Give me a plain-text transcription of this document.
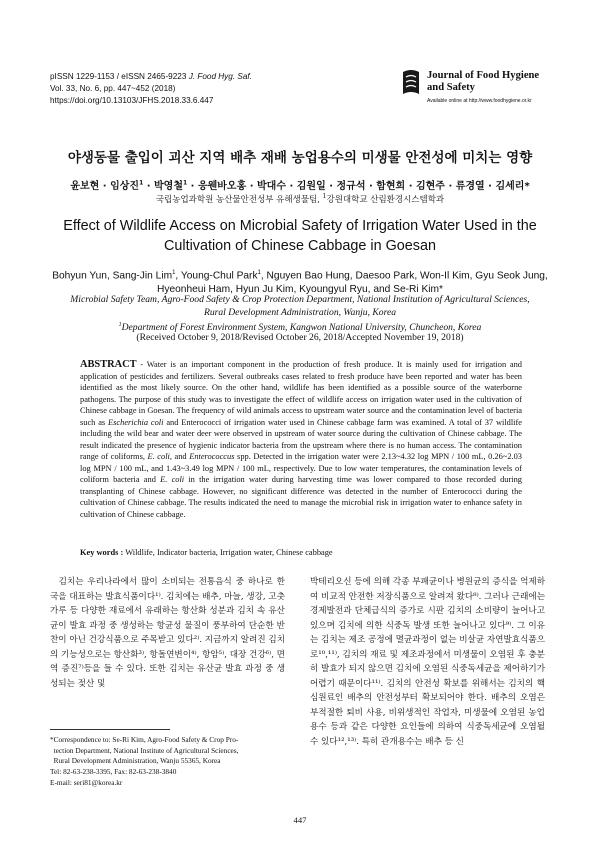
pISSN 1229-1153 / eISSN 2465-9223 J. Food Hyg. Saf.
Vol. 33, No. 6, pp. 447~452 (2018)
https://doi.org/10.13103/JFHS.2018.33.6.447
Journal of Food Hygiene
and Safety
Available online at http://www.foodhygiene.or.kr
야생동물 출입이 괴산 지역 배추 재배 농업용수의 미생물 안전성에 미치는 영향
윤보현 · 임상진$^1$ · 박영철$^1$ · 응웬바오홍 · 박대수 · 김원일 · 정규석 · 함현희 · 김현주 · 류경열 · 김세리*
국립농업과학원 농산물안전성부 유해생물팀, $^1$강원대학교 산림환경시스템학과
Effect of Wildlife Access on Microbial Safety of Irrigation Water Used in the Cultivation of Chinese Cabbage in Goesan
Bohyun Yun, Sang-Jin Lim$^1$, Young-Chul Park$^1$, Nguyen Bao Hung, Daesoo Park, Won-Il Kim, Gyu Seok Jung,
Hyeonheui Ham, Hyun Ju Kim, Kyoungyul Ryu, and Se-Ri Kim*
Microbial Safety Team, Agro-Food Safety & Crop Protection Department, National Institution of Agricultural Sciences,
Rural Development Administration, Wanju, Korea
$^1$Department of Forest Environment System, Kangwon National University, Chuncheon, Korea
(Received October 9, 2018/Revised October 26, 2018/Accepted November 19, 2018)
ABSTRACT - Water is an important component in the production of fresh produce. It is mainly used for irrigation and application of pesticides and fertilizers. Several outbreaks cases related to fresh produce have been reported and water has been identified as the most likely source. On the other hand, wildlife has been identified as a possible source of the waterborne pathogens. The purpose of this study was to investigate the effect of wildlife access on irrigation water used in the cultivation of Chinese cabbage in Goesan. The frequency of wild animals access to upstream water source and the contamination level of bacteria such as Escherichia coli and Enterococci of irrigation water used in Chinese cabbage farm was examined. A total of 37 wildlife including the wild bear and water deer were observed in upstream of water source during the cultivation of Chinese cabbage. The result indicated the presence of hygienic indicator bacteria from the upstream where there is no human access. The contamination range of coliforms, E. coli, and Enterococcus spp. Detected in the irrigation water were 2.13~4.32 log MPN / 100 mL, 0.26~2.03 log MPN / 100 mL, and 1.43~3.49 log MPN / 100 mL, respectively. Due to low water temperatures, the contamination levels of coliform bacteria and E. coli in the irrigation water during harvesting time was lower compared to those recorded during transplanting of Chinese cabbage. However, no significant difference was detected in the number of Enterococci during the cultivation of Chinese cabbage. The results indicated the need to manage the microbial risk in irrigation water to enhance safety in cultivation of Chinese cabbage.
Key words : Wildlife, Indicator bacteria, Irrigation water, Chinese cabbage
김치는 우리나라에서 많이 소비되는 전통음식 중 하나로 한국을 대표하는 발효식품이다¹⁾. 김치에는 배추, 마늘, 생강, 고춧가루 등 다양한 재료에서 유래하는 항산화 성분과 김치 속 유산균이 발효 과정 중 생성하는 항균성 물질이 풍부하여 단순한 반찬이 아닌 건강식품으로 주목받고 있다²⁾. 지금까지 알려진 김치의 기능성으로는 항산화³⁾, 항돌연변이⁴⁾, 항암⁵⁾, 대장 건강⁶⁾, 면역 증진⁷⁾등을 들 수 있다. 또한 김치는 유산균 발효 과정 중 생성되는 젖산 및
박테리오신 등에 의해 각종 부패균이나 병원균의 증식을 억제하여 비교적 안전한 저장식품으로 알려져 왔다⁸⁾. 그러나 근래에는 경제발전과 단체급식의 증가로 시판 김치의 소비량이 늘어나고 있으며 김치에 의한 식중독 발생 또한 늘어나고 있다⁹⁾. 그 이유는 김치는 제조 공정에 멸균과정이 없는 비살균 자연발효식품으로¹⁰,¹¹⁾, 김치의 재료 및 제조과정에서 미생물이 오염된 후 충분히 발효가 되지 않으면 김치에 오염된 식중독세균을 제어하기가 어렵기 때문이다¹¹⁾. 김치의 안전성 확보를 위해서는 김치의 핵심원료인 배추의 안전성부터 확보되어야 한다. 배추의 오염은 부적절한 퇴비 사용, 비위생적인 작업자, 미생물에 오염된 농업용수 등과 같은 다양한 요인들에 의하여 식중독세균에 오염될 수 있다¹²,¹³⁾. 특히 관개용수는 배추 등 신
*Correspondence to: Se-Ri Kim, Agro-Food Safety & Crop Pro-
tection Department, National Institute of Agricultural Sciences,
Rural Development Administration, Wanju 55365, Korea
Tel: 82-63-238-3395, Fax: 82-63-238-3840
E-mail: seri81@korea.kr
447
